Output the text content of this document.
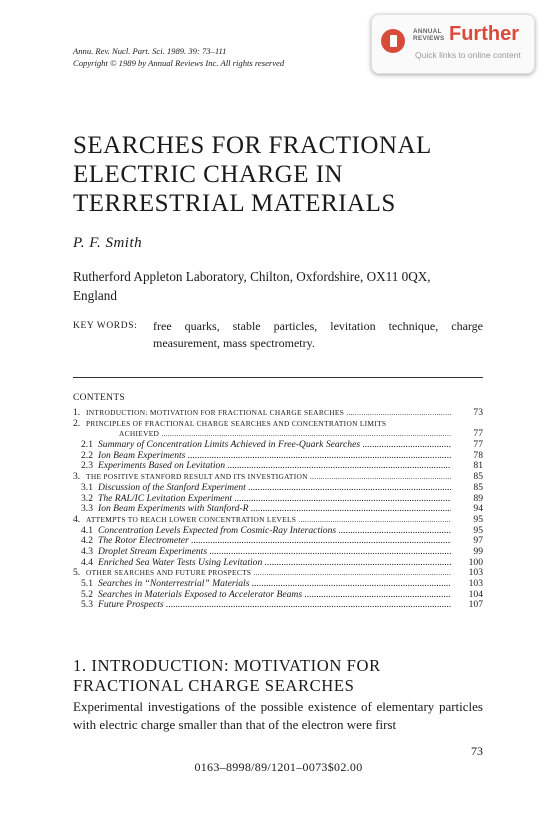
Annu. Rev. Nucl. Part. Sci. 1989. 39: 73–111
Copyright © 1989 by Annual Reviews Inc. All rights reserved
ANNUAL
REVIEWS Further
Quick links to online content
SEARCHES FOR FRACTIONAL
ELECTRIC CHARGE IN
TERRESTRIAL MATERIALS
P. F. Smith
Rutherford Appleton Laboratory, Chilton, Oxfordshire, OX11 0QX,
England
KEY WORDS: free quarks, stable particles, levitation technique, charge measurement, mass spectrometry.
CONTENTS
1. INTRODUCTION: MOTIVATION FOR FRACTIONAL CHARGE SEARCHES .....	73
2. PRINCIPLES OF FRACTIONAL CHARGE SEARCHES AND CONCENTRATION LIMITS
ACHIEVED .....	77
2.1 Summary of Concentration Limits Achieved in Free-Quark Searches .....	77
2.2 Ion Beam Experiments .....	78
2.3 Experiments Based on Levitation .....	81
3. THE POSITIVE STANFORD RESULT AND ITS INVESTIGATION .....	85
3.1 Discussion of the Stanford Experiment .....	85
3.2 The RAL/IC Levitation Experiment .....	89
3.3 Ion Beam Experiments with Stanford-R .....	94
4. ATTEMPTS TO REACH LOWER CONCENTRATION LEVELS .....	95
4.1 Concentration Levels Expected from Cosmic-Ray Interactions .....	95
4.2 The Rotor Electrometer .....	97
4.3 Droplet Stream Experiments .....	99
4.4 Enriched Sea Water Tests Using Levitation .....	100
5. OTHER SEARCHES AND FUTURE PROSPECTS .....	103
5.1 Searches in “Nonterrestrial” Materials .....	103
5.2 Searches in Materials Exposed to Accelerator Beams .....	104
5.3 Future Prospects .....	107
1. INTRODUCTION: MOTIVATION FOR
FRACTIONAL CHARGE SEARCHES
Experimental investigations of the possible existence of elementary particles with electric charge smaller than that of the electron were first
73
0163–8998/89/1201–0073$02.00
